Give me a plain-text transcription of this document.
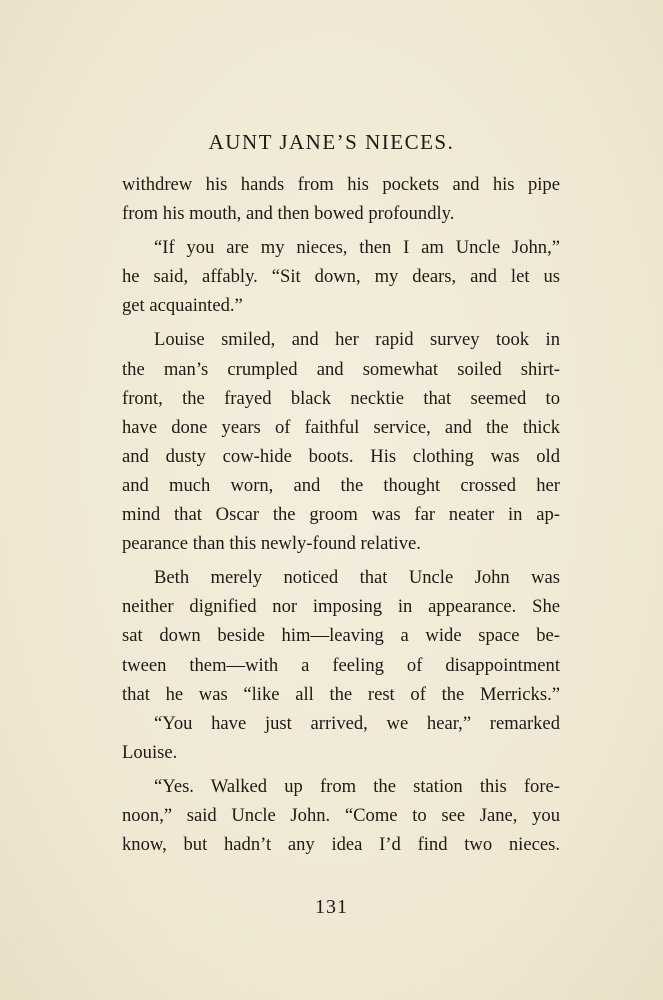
AUNT JANE’S NIECES.
withdrew his hands from his pockets and his pipe
from his mouth, and then bowed profoundly.
“If you are my nieces, then I am Uncle John,”
he said, affably. “Sit down, my dears, and let us
get acquainted.”
Louise smiled, and her rapid survey took in
the man’s crumpled and somewhat soiled shirt-
front, the frayed black necktie that seemed to
have done years of faithful service, and the thick
and dusty cow-hide boots. His clothing was old
and much worn, and the thought crossed her
mind that Oscar the groom was far neater in ap-
pearance than this newly-found relative.
Beth merely noticed that Uncle John was
neither dignified nor imposing in appearance. She
sat down beside him—leaving a wide space be-
tween them—with a feeling of disappointment
that he was “like all the rest of the Merricks.”
“You have just arrived, we hear,” remarked
Louise.
“Yes. Walked up from the station this fore-
noon,” said Uncle John. “Come to see Jane, you
know, but hadn’t any idea I’d find two nieces.
131
